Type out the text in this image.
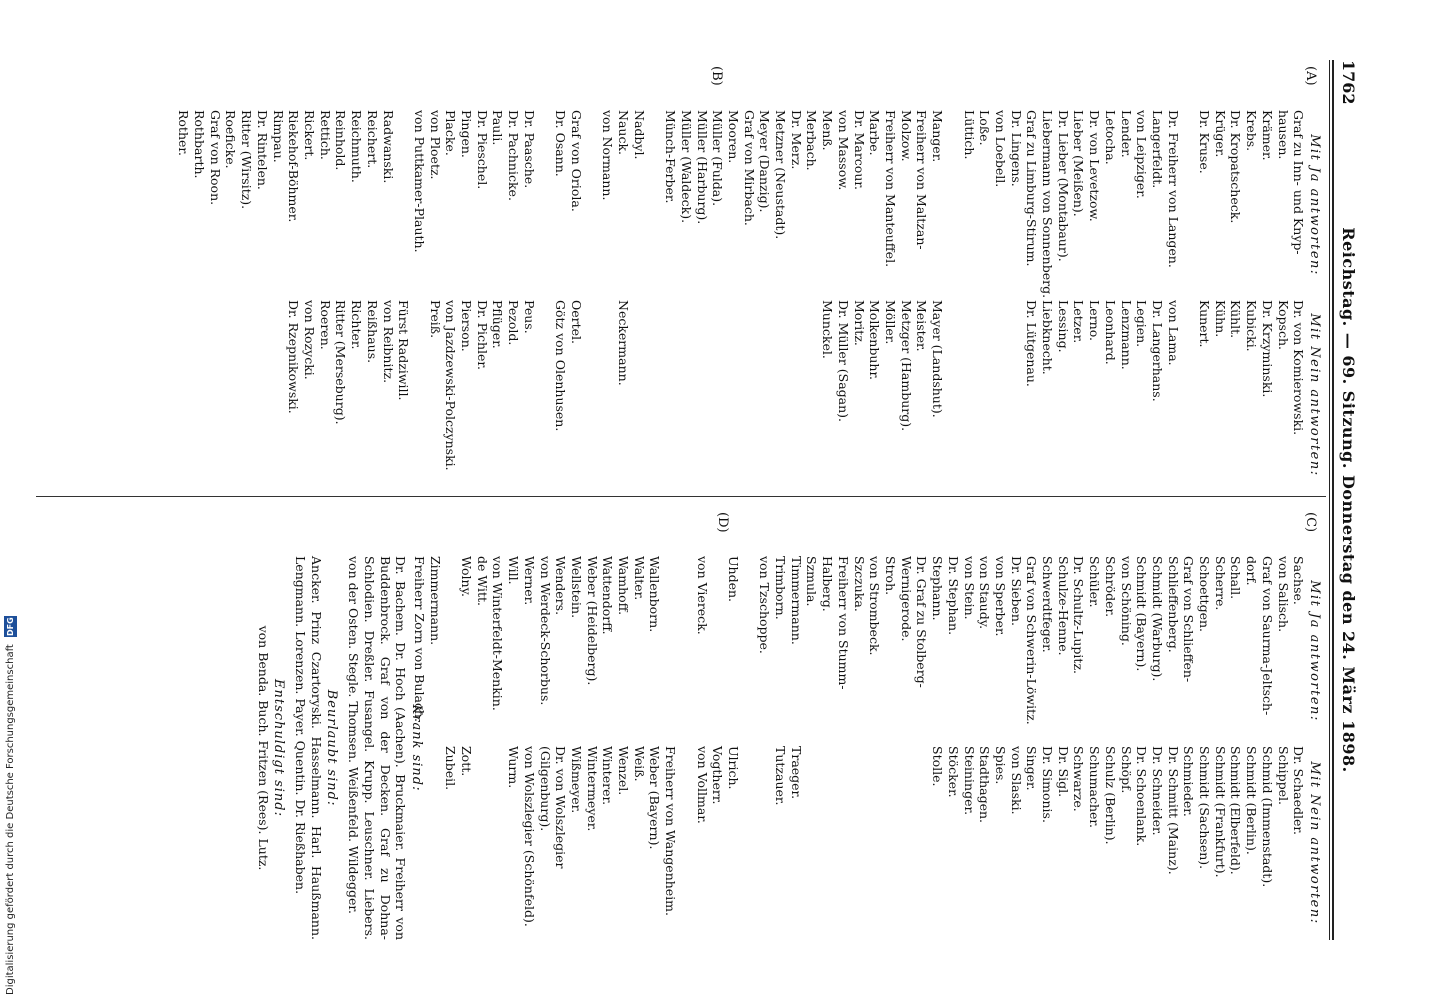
1762
Reichstag. — 69. Sitzung. Donnerstag den 24. März 1898.
(A)
(B)
(C)
(D)
Mit Ja antworten:
Graf zu Inn- und Knyp-
hausen.
Krämer.
Krebs.
Dr. Kropatscheck.
Krüger.
Dr. Kruse.

Dr. Freiherr von Langen.
Langerfeldt.
von Leipziger.
Lender.
Letocha.
Dr. von Levetzow.
Lieber (Meißen).
Dr. Lieber (Montabaur).
Liebermann von Sonnenberg.
Graf zu Limburg-Stirum.
Dr. Lingens.
von Loebell.
Loße.
Lüttich.

Manger.
Freiherr von Maltzan-
Molzow.
Freiherr von Manteuffel.
Marbe.
Dr. Marcour.
von Massow.
Menß.
Merbach.
Dr. Merz.
Metzner (Neustadt).
Meyer (Danzig).
Graf von Mirbach.
Mooren.
Müller (Fulda).
Müller (Harburg).
Müller (Waldeck).
Münch-Ferber.

Nadbyl.
Nauck.
von Normann.

Graf von Oriola.
Dr. Osann.

Dr. Paasche.
Dr. Pachnicke.
Pauli.
Dr. Pieschel.
Pingen.
Placke.
von Ploetz.
von Puttkamer-Plauth.

Radwanski.
Reichert.
Reichmuth.
Reinhold.
Rettich.
Rickert.
Riekehof-Böhmer.
Rimpau.
Dr. Rintelen.
Ritter (Wirsitz).
Roeficke.
Graf von Roon.
Rothbarth.
Rother.
Mit Nein antworten:
Dr. von Komierowski.
Kopsch.
Dr. Krzyminski.
Kubicki.
Kühlt.
Kühn.
Kunert.

von Lama.
Dr. Langerhans.
Legien.
Lenzmann.
Leonhard.
Lerno.
Letzer.
Lessing.
Liebknecht.
Dr. Lütgenau.

Mayer (Landshut).
Meister.
Metzger (Hamburg).
Möller.
Molkenbuhr.
Moritz.
Dr. Müller (Sagan).
Munckel.

Neckermann.

Oertel.
Götz von Olenhusen.

Peus.
Pezold.
Pflüger.
Dr. Pichler.
Pierson.
von Jazdzewski-Polczynski.
Preiß.

Fürst Radziwill.
von Reibnitz.
Reißhaus.
Richter.
Ritter (Merseburg).
Roeren.
von Rozycki.
Dr. Rzepnikowski.
Mit Ja antworten:
Sachse.
von Salisch.
Graf von Saurma-Jeltsch-
dorf.
Schall.
Scherre.
Schoettgen.
Graf von Schlieffen-
Schlieffenberg.
Schmidt (Warburg).
Schmidt (Bayern).
von Schöning.
Schröder.
Schüler.
Dr. Schultz-Lupitz.
Schulze-Henne.
Schwerdtfeger.
Graf von Schwerin-Löwitz.
Dr. Sieben.
von Sperber.
von Staudy.
von Stein.
Dr. Stephan.
Stephann.
Dr. Graf zu Stolberg-
Wernigerode.
Stroh.
von Strombeck.
Szczuka.
Freiherr von Stumm-
Halberg.
Szmula.
Timmermann.
Trimborn.
von Tzschoppe.

Uhden.

von Viereck.

Wallenborn.
Walter.
Wamhoff.
Wattendorff.
Weber (Heidelberg).
Wellstein.
Wenders.
von Werdeck-Schorbus.
Werner.
Will.
von Winterfeldt-Menkin.
de Witt.
Wolny.

Zimmermann.
Freiherr Zorn von Bulach.
Mit Nein antworten:
Dr. Schaedler.
Schippel.
Schmid (Immenstadt).
Schmidt (Berlin).
Schmidt (Elberfeld).
Schmidt (Frankfurt).
Schmidt (Sachsen).
Schmieder.
Dr. Schmitt (Mainz).
Dr. Schneider.
Dr. Schoenlank.
Schöpf.
Schulz (Berlin).
Schumacher.
Schwarze.
Dr. Sigl.
Dr. Simonis.
Singer.
von Slaski.
Spies.
Stadthagen.
Steininger.
Stöcker.
Stolle.

Traeger.
Tutzauer.

Ulrich.
Vogtherr.
von Vollmar.

Freiherr von Wangenheim.
Weber (Bayern).
Weiß.
Wenzel.
Winterer.
Wintermeyer.
Wißmeyer.
Dr. von Wolszlegier
(Gilgenburg).
von Wolszlegier (Schönfeld).
Wurm.

Zott.
Zubeil.
Krank sind:
Dr. Bachem. Dr. Hoch (Aachen). Bruckmaier. Freiherr von Buddenbrock. Graf von der Decken. Graf zu Dohna-Schlodien. Dreßler. Fusangel. Krupp. Leuschner. Liebers. von der Osten. Stegle. Thomsen. Weißenfeld. Wildegger.
Beurlaubt sind:
Ancker. Prinz Czartoryski. Hasselmann. Harl. Haußmann. Lengmann. Lorenzen. Payer. Quentin. Dr. Rießhaben.
Entschuldigt sind:
von Benda. Buch. Fritzen (Rees). Lutz.
Digitalisierung gefördert durch die Deutsche Forschungsgemeinschaft DFG
